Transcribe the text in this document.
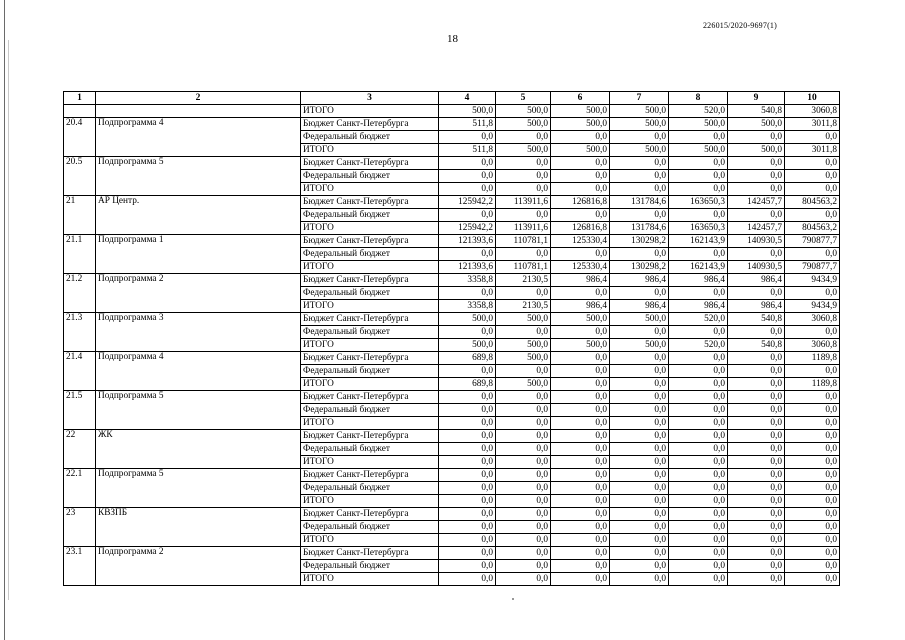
226015/2020-9697(1)
18
1	2	3	4	5	6	7	8	9	10
		ИТОГО	500,0	500,0	500,0	500,0	520,0	540,8	3060,8
20.4	Подпрограмма 4	Бюджет Санкт-Петербурга	511,8	500,0	500,0	500,0	500,0	500,0	3011,8
		Федеральный бюджет	0,0	0,0	0,0	0,0	0,0	0,0	0,0
		ИТОГО	511,8	500,0	500,0	500,0	500,0	500,0	3011,8
20.5	Подпрограмма 5	Бюджет Санкт-Петербурга	0,0	0,0	0,0	0,0	0,0	0,0	0,0
		Федеральный бюджет	0,0	0,0	0,0	0,0	0,0	0,0	0,0
		ИТОГО	0,0	0,0	0,0	0,0	0,0	0,0	0,0
21	АР Центр.	Бюджет Санкт-Петербурга	125942,2	113911,6	126816,8	131784,6	163650,3	142457,7	804563,2
		Федеральный бюджет	0,0	0,0	0,0	0,0	0,0	0,0	0,0
		ИТОГО	125942,2	113911,6	126816,8	131784,6	163650,3	142457,7	804563,2
21.1	Подпрограмма 1	Бюджет Санкт-Петербурга	121393,6	110781,1	125330,4	130298,2	162143,9	140930,5	790877,7
		Федеральный бюджет	0,0	0,0	0,0	0,0	0,0	0,0	0,0
		ИТОГО	121393,6	110781,1	125330,4	130298,2	162143,9	140930,5	790877,7
21.2	Подпрограмма 2	Бюджет Санкт-Петербурга	3358,8	2130,5	986,4	986,4	986,4	986,4	9434,9
		Федеральный бюджет	0,0	0,0	0,0	0,0	0,0	0,0	0,0
		ИТОГО	3358,8	2130,5	986,4	986,4	986,4	986,4	9434,9
21.3	Подпрограмма 3	Бюджет Санкт-Петербурга	500,0	500,0	500,0	500,0	520,0	540,8	3060,8
		Федеральный бюджет	0,0	0,0	0,0	0,0	0,0	0,0	0,0
		ИТОГО	500,0	500,0	500,0	500,0	520,0	540,8	3060,8
21.4	Подпрограмма 4	Бюджет Санкт-Петербурга	689,8	500,0	0,0	0,0	0,0	0,0	1189,8
		Федеральный бюджет	0,0	0,0	0,0	0,0	0,0	0,0	0,0
		ИТОГО	689,8	500,0	0,0	0,0	0,0	0,0	1189,8
21.5	Подпрограмма 5	Бюджет Санкт-Петербурга	0,0	0,0	0,0	0,0	0,0	0,0	0,0
		Федеральный бюджет	0,0	0,0	0,0	0,0	0,0	0,0	0,0
		ИТОГО	0,0	0,0	0,0	0,0	0,0	0,0	0,0
22	ЖК	Бюджет Санкт-Петербурга	0,0	0,0	0,0	0,0	0,0	0,0	0,0
		Федеральный бюджет	0,0	0,0	0,0	0,0	0,0	0,0	0,0
		ИТОГО	0,0	0,0	0,0	0,0	0,0	0,0	0,0
22.1	Подпрограмма 5	Бюджет Санкт-Петербурга	0,0	0,0	0,0	0,0	0,0	0,0	0,0
		Федеральный бюджет	0,0	0,0	0,0	0,0	0,0	0,0	0,0
		ИТОГО	0,0	0,0	0,0	0,0	0,0	0,0	0,0
23	КВЗПБ	Бюджет Санкт-Петербурга	0,0	0,0	0,0	0,0	0,0	0,0	0,0
		Федеральный бюджет	0,0	0,0	0,0	0,0	0,0	0,0	0,0
		ИТОГО	0,0	0,0	0,0	0,0	0,0	0,0	0,0
23.1	Подпрограмма 2	Бюджет Санкт-Петербурга	0,0	0,0	0,0	0,0	0,0	0,0	0,0
		Федеральный бюджет	0,0	0,0	0,0	0,0	0,0	0,0	0,0
		ИТОГО	0,0	0,0	0,0	0,0	0,0	0,0	0,0
